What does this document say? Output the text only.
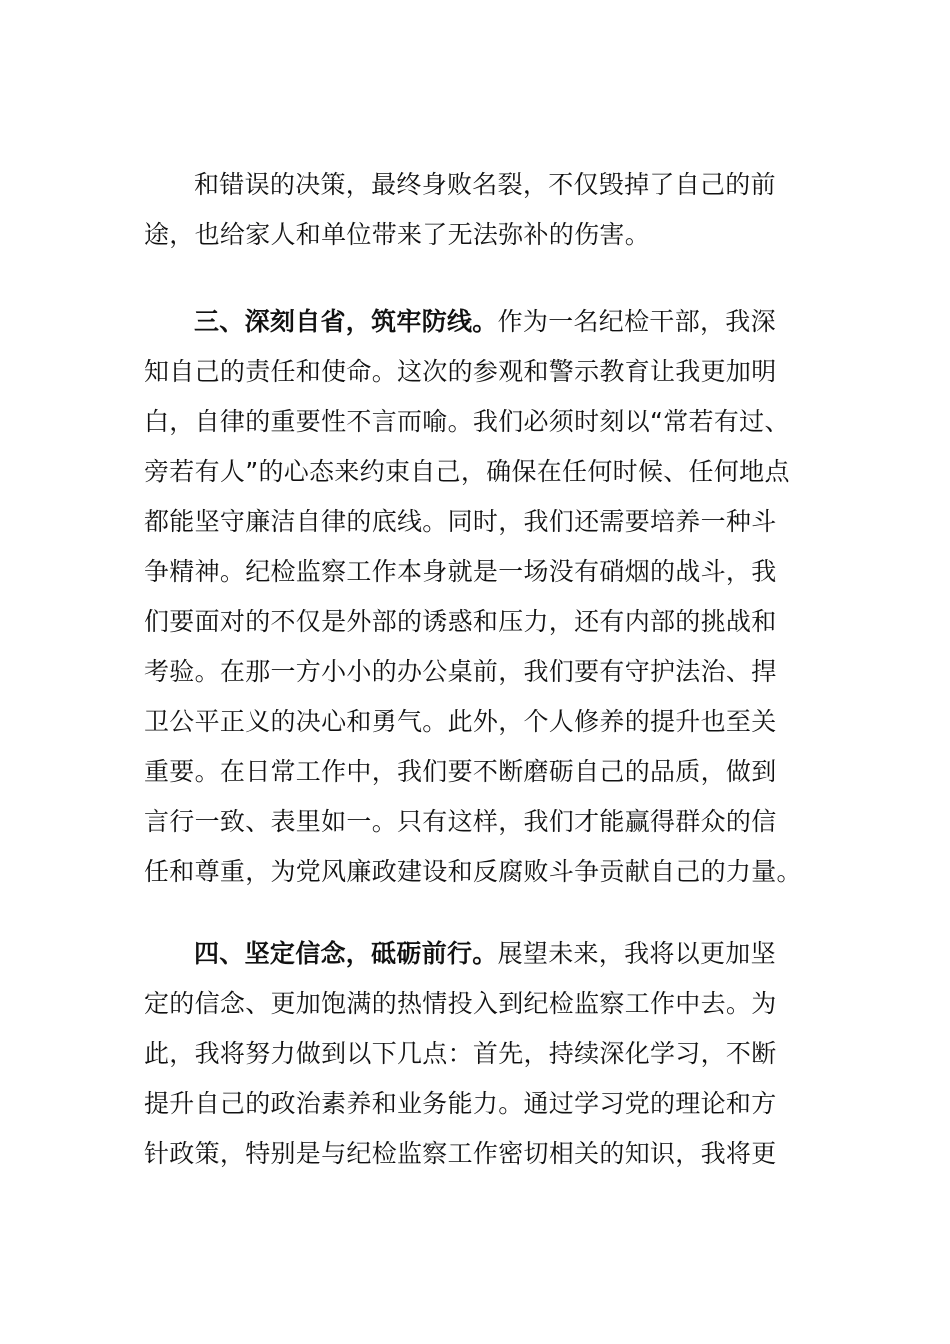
和错误的决策，最终身败名裂，不仅毁掉了自己的前
途，也给家人和单位带来了无法弥补的伤害。
三、深刻自省，筑牢防线。作为一名纪检干部，我深
知自己的责任和使命。这次的参观和警示教育让我更加明
白，自律的重要性不言而喻。我们必须时刻以“常若有过、
旁若有人”的心态来约束自己，确保在任何时候、任何地点
都能坚守廉洁自律的底线。同时，我们还需要培养一种斗
争精神。纪检监察工作本身就是一场没有硝烟的战斗，我
们要面对的不仅是外部的诱惑和压力，还有内部的挑战和
考验。在那一方小小的办公桌前，我们要有守护法治、捍
卫公平正义的决心和勇气。此外，个人修养的提升也至关
重要。在日常工作中，我们要不断磨砺自己的品质，做到
言行一致、表里如一。只有这样，我们才能赢得群众的信
任和尊重，为党风廉政建设和反腐败斗争贡献自己的力量。
四、坚定信念，砥砺前行。展望未来，我将以更加坚
定的信念、更加饱满的热情投入到纪检监察工作中去。为
此，我将努力做到以下几点：首先，持续深化学习，不断
提升自己的政治素养和业务能力。通过学习党的理论和方
针政策，特别是与纪检监察工作密切相关的知识，我将更
